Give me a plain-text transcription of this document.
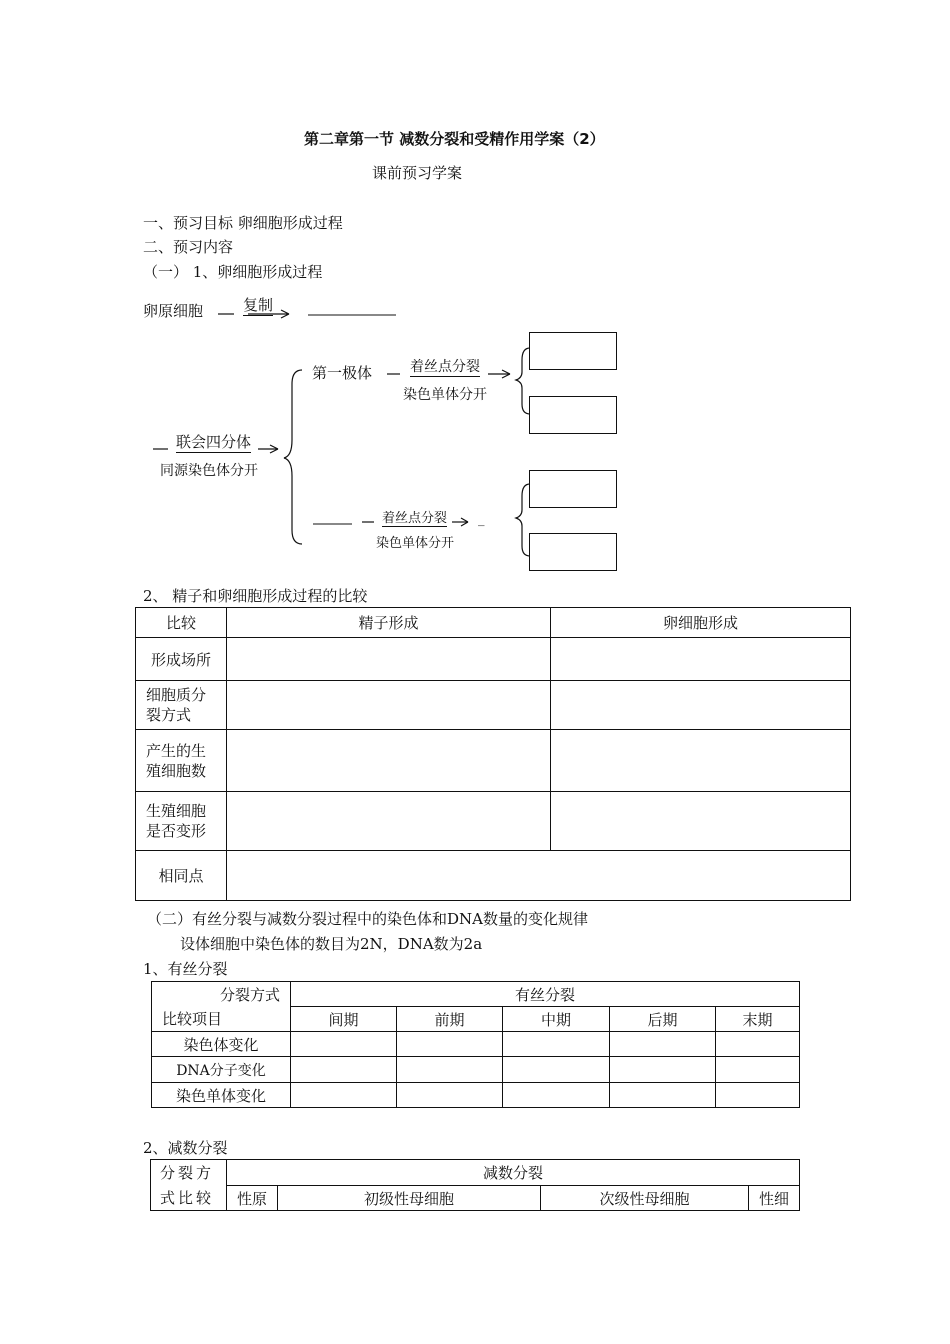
第二章第一节 减数分裂和受精作用学案（2）
课前预习学案
一、预习目标 卵细胞形成过程
二、预习内容
（一） 1、卵细胞形成过程
卵原细胞	复制
联会四分体
同源染色体分开
第一极体	着丝点分裂
染色单体分开
着丝点分裂
染色单体分开
_
2、 精子和卵细胞形成过程的比较
比较	精子形成	卵细胞形成
形成场所		

细胞质分裂方式		

产生的生殖细胞数		

生殖细胞是否变形		

相同点		
（二）有丝分裂与减数分裂过程中的染色体和DNA数量的变化规律
设体细胞中染色体的数目为2N，DNA数为2a
1、有丝分裂
分裂方式	有丝分裂				
比较项目	间期	前期	中期	后期	末期
染色体变化					
DNA分子变化					
染色单体变化					
2、减数分裂
分裂方	减数分裂			
式比较	性原	初级性母细胞	次级性母细胞	性细
